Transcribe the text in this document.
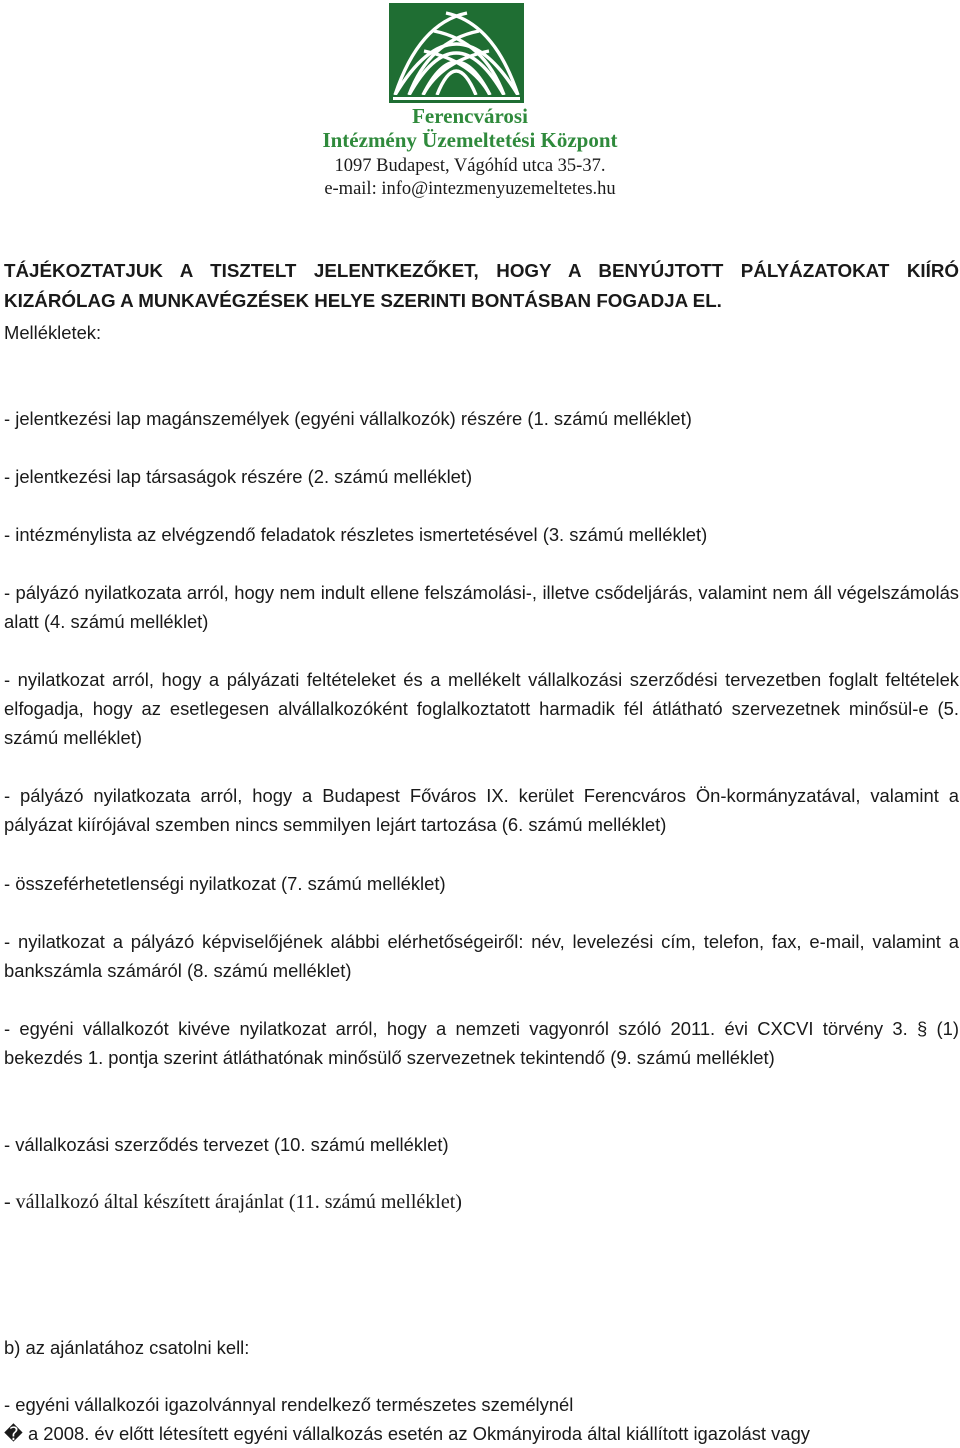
Ferencvárosi
Intézmény Üzemeltetési Központ
1097 Budapest, Vágóhíd utca 35-37.
e-mail: info@intezmenyuzemeltetes.hu

TÁJÉKOZTATJUK A TISZTELT JELENTKEZŐKET, HOGY A BENYÚJTOTT PÁLYÁZATOKAT KIÍRÓ KIZÁRÓLAG A MUNKAVÉGZÉSEK HELYE SZERINTI BONTÁSBAN FOGADJA EL.

Mellékletek:

- jelentkezési lap magánszemélyek (egyéni vállalkozók) részére (1. számú melléklet)

- jelentkezési lap társaságok részére (2. számú melléklet)

- intézménylista az elvégzendő feladatok részletes ismertetésével (3. számú melléklet)

- pályázó nyilatkozata arról, hogy nem indult ellene felszámolási-, illetve csődeljárás, valamint nem áll végelszámolás alatt (4. számú melléklet)

- nyilatkozat arról, hogy a pályázati feltételeket és a mellékelt vállalkozási szerződési tervezetben foglalt feltételek elfogadja, hogy az esetlegesen alvállalkozóként foglalkoztatott harmadik fél átlátható szervezetnek minősül-e (5. számú melléklet)

- pályázó nyilatkozata arról, hogy a Budapest Főváros IX. kerület Ferencváros Ön-kormányzatával, valamint a pályázat kiírójával szemben nincs semmilyen lejárt tartozása (6. számú melléklet)

- összeférhetetlenségi nyilatkozat (7. számú melléklet)

- nyilatkozat a pályázó képviselőjének alábbi elérhetőségeiről: név, levelezési cím, telefon, fax, e-mail, valamint a bankszámla számáról (8. számú melléklet)

- egyéni vállalkozót kivéve nyilatkozat arról, hogy a nemzeti vagyonról szóló 2011. évi CXCVI törvény 3. § (1) bekezdés 1. pontja szerint átláthatónak minősülő szervezetnek tekintendő (9. számú melléklet)

- vállalkozási szerződés tervezet (10. számú melléklet)

- vállalkozó által készített árajánlat (11. számú melléklet)

b) az ajánlatához csatolni kell:

- egyéni vállalkozói igazolvánnyal rendelkező természetes személynél

� a 2008. év előtt létesített egyéni vállalkozás esetén az Okmányiroda által kiállított igazolást vagy
